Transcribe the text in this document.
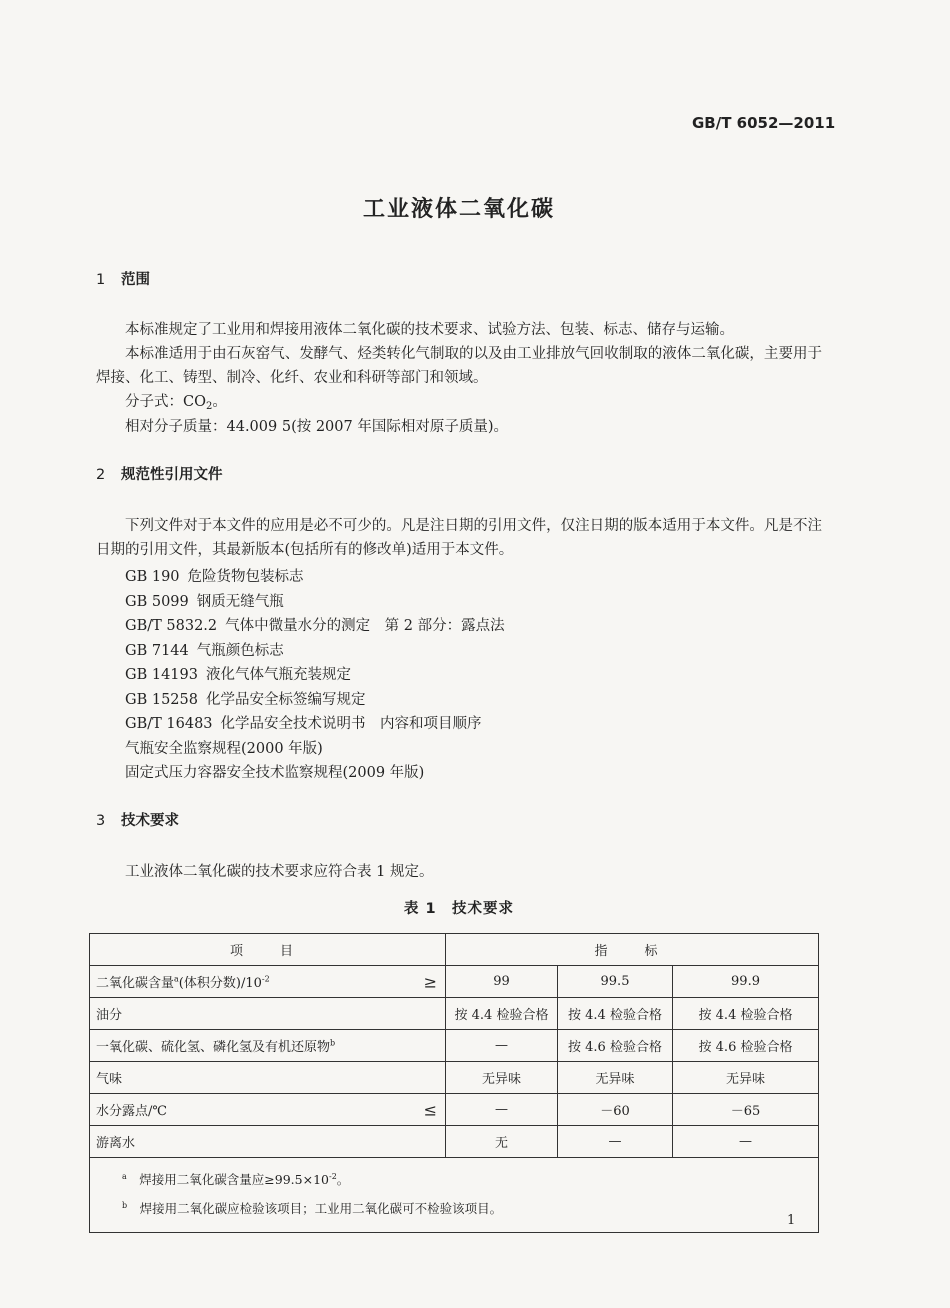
GB/T 6052—2011
工业液体二氧化碳
1 范围
本标准规定了工业用和焊接用液体二氧化碳的技术要求、试验方法、包装、标志、储存与运输。
本标准适用于由石灰窑气、发酵气、烃类转化气制取的以及由工业排放气回收制取的液体二氧化碳，主要用于焊接、化工、铸型、制冷、化纤、农业和科研等部门和领域。
分子式：$CO_2$。
相对分子质量：44.009 5(按 2007 年国际相对原子质量)。
2 规范性引用文件
下列文件对于本文件的应用是必不可少的。凡是注日期的引用文件，仅注日期的版本适用于本文件。凡是不注日期的引用文件，其最新版本(包括所有的修改单)适用于本文件。
GB 190 危险货物包装标志
GB 5099 钢质无缝气瓶
GB/T 5832.2 气体中微量水分的测定　第 2 部分：露点法
GB 7144 气瓶颜色标志
GB 14193 液化气体气瓶充装规定
GB 15258 化学品安全标签编写规定
GB/T 16483 化学品安全技术说明书　内容和项目顺序
气瓶安全监察规程(2000 年版)
固定式压力容器安全技术监察规程(2009 年版)
3 技术要求
工业液体二氧化碳的技术要求应符合表 1 规定。
表 1　技术要求
项　目	指　标		
二氧化碳含量$^a$(体积分数)$/10^{-2}$ ≥	99	99.5	99.9
油分	按 4.4 检验合格	按 4.4 检验合格	按 4.4 检验合格
一氧化碳、硫化氢、磷化氢及有机还原物$^b$	—	按 4.6 检验合格	按 4.6 检验合格
气味	无异味	无异味	无异味
水分露点/℃ ≤	—	－60	－65
游离水	无	—	—

$^a$　 焊接用二氧化碳含量应$\ge 99.5\times 10^{-2}$。
$^b$　 焊接用二氧化碳应检验该项目；工业用二氧化碳可不检验该项目。			
1
